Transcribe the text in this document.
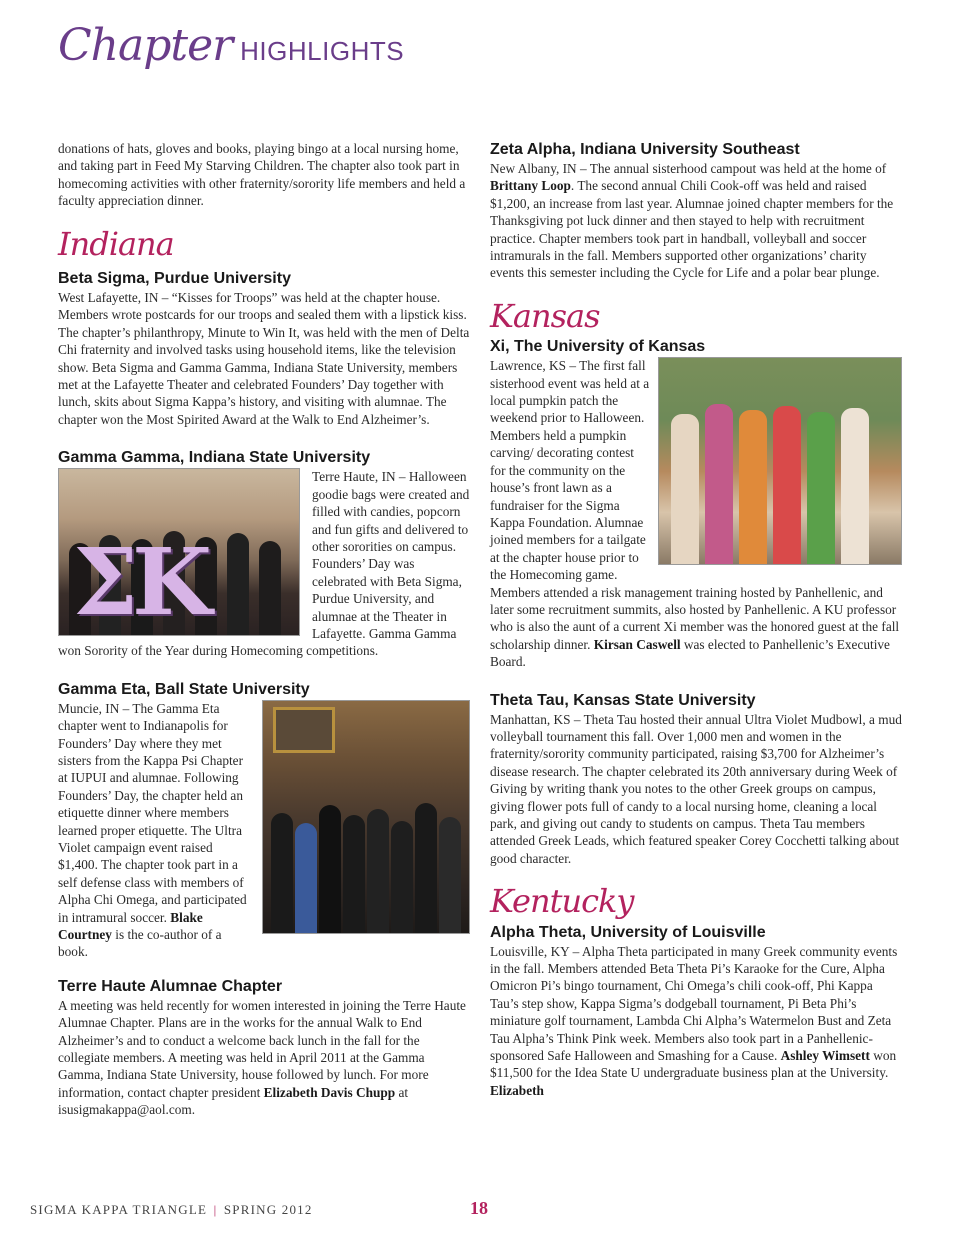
Chapter HIGHLIGHTS

donations of hats, gloves and books, playing bingo at a local nursing home, and taking part in Feed My Starving Children. The chapter also took part in homecoming activities with other fraternity/sorority life members and held a faculty appreciation dinner.

Indiana
Beta Sigma, Purdue University

West Lafayette, IN – “Kisses for Troops” was held at the chapter house. Members wrote postcards for our troops and sealed them with a lipstick kiss. The chapter’s philanthropy, Minute to Win It, was held with the men of Delta Chi fraternity and involved tasks using household items, like the television show. Beta Sigma and Gamma Gamma, Indiana State University, members met at the Lafayette Theater and celebrated Founders’ Day together with lunch, skits about Sigma Kappa’s history, and visiting with alumnae. The chapter won the Most Spirited Award at the Walk to End Alzheimer’s.

Gamma Gamma, Indiana State University
ΣK

Terre Haute, IN – Halloween goodie bags were created and filled with candies, popcorn and fun gifts and delivered to other sororities on campus. Founders’ Day was celebrated with Beta Sigma, Purdue University, and alumnae at the Theater in Lafayette. Gamma Gamma won Sorority of the Year during Homecoming competitions.

Gamma Eta, Ball State University

Muncie, IN – The Gamma Eta chapter went to Indianapolis for Founders’ Day where they met sisters from the Kappa Psi Chapter at IUPUI and alumnae. Following Founders’ Day, the chapter held an etiquette dinner where members learned proper etiquette. The Ultra Violet campaign event raised $1,400. The chapter took part in a self defense class with members of Alpha Chi Omega, and participated in intramural soccer. Blake Courtney is the co-author of a book.

Terre Haute Alumnae Chapter

A meeting was held recently for women interested in joining the Terre Haute Alumnae Chapter. Plans are in the works for the annual Walk to End Alzheimer’s and to conduct a welcome back lunch in the fall for the collegiate members. A meeting was held in April 2011 at the Gamma Gamma, Indiana State University, house followed by lunch. For more information, contact chapter president Elizabeth Davis Chupp at isusigmakappa@aol.com.

Zeta Alpha, Indiana University Southeast

New Albany, IN – The annual sisterhood campout was held at the home of Brittany Loop. The second annual Chili Cook-off was held and raised $1,200, an increase from last year. Alumnae joined chapter members for the Thanksgiving pot luck dinner and then stayed to help with recruitment practice. Chapter members took part in handball, volleyball and soccer intramurals in the fall. Members supported other organizations’ charity events this semester including the Cycle for Life and a polar bear plunge.

Kansas
Xi, The University of Kansas

Lawrence, KS – The first fall sisterhood event was held at a local pumpkin patch the weekend prior to Halloween. Members held a pumpkin carving/ decorating contest for the community on the house’s front lawn as a fundraiser for the Sigma Kappa Foundation. Alumnae joined members for a tailgate at the chapter house prior to the Homecoming game. Members attended a risk management training hosted by Panhellenic, and later some recruitment summits, also hosted by Panhellenic. A KU professor who is also the aunt of a current Xi member was the honored guest at the fall scholarship dinner. Kirsan Caswell was elected to Panhellenic’s Executive Board.

Theta Tau, Kansas State University

Manhattan, KS – Theta Tau hosted their annual Ultra Violet Mudbowl, a mud volleyball tournament this fall. Over 1,000 men and women in the fraternity/sorority community participated, raising $3,700 for Alzheimer’s disease research. The chapter celebrated its 20th anniversary during Week of Giving by writing thank you notes to the other Greek groups on campus, giving flower pots full of candy to a local nursing home, cleaning a local park, and giving out candy to students on campus. Theta Tau members attended Greek Leads, which featured speaker Corey Cocchetti talking about good character.

Kentucky
Alpha Theta, University of Louisville

Louisville, KY – Alpha Theta participated in many Greek community events in the fall. Members attended Beta Theta Pi’s Karaoke for the Cure, Alpha Omicron Pi’s bingo tournament, Chi Omega’s chili cook-off, Phi Kappa Tau’s step show, Kappa Sigma’s dodgeball tournament, Pi Beta Phi’s miniature golf tournament, Lambda Chi Alpha’s Watermelon Bust and Zeta Tau Alpha’s Think Pink week. Members also took part in a Panhellenic-sponsored Safe Halloween and Smashing for a Cause. Ashley Wimsett won $11,500 for the Idea State U undergraduate business plan at the University. Elizabeth

SIGMA KAPPA TRIANGLE | SPRING 2012	18
